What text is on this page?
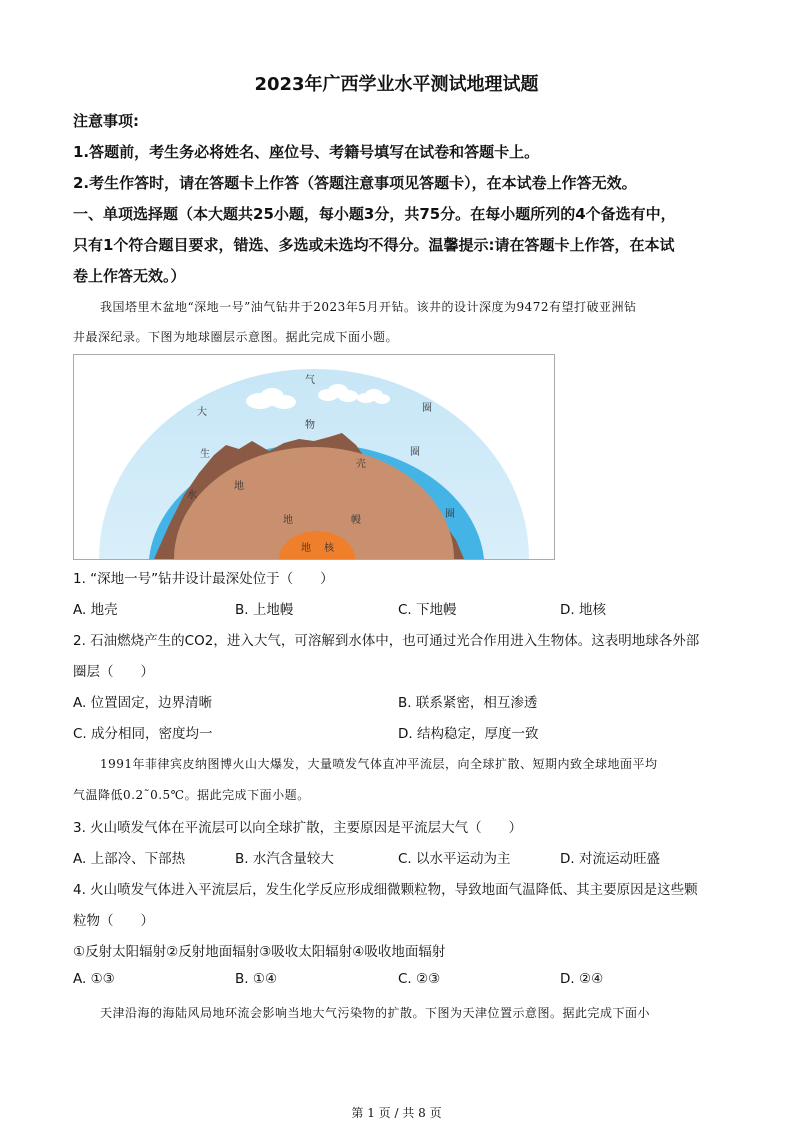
2023年广西学业水平测试地理试题
注意事项:
1.答题前，考生务必将姓名、座位号、考籍号填写在试卷和答题卡上。
2.考生作答时，请在答题卡上作答（答题注意事项见答题卡），在本试卷上作答无效。
一、单项选择题（本大题共25小题，每小题3分，共75分。在每小题所列的4个备选有中，
只有1个符合题目要求，错选、多选或未选均不得分。温馨提示:请在答题卡上作答，在本试
卷上作答无效。）
我国塔里木盆地“深地一号”油气钻井于2023年5月开钻。该井的设计深度为9472有望打破亚洲钻
井最深纪录。下图为地球圈层示意图。据此完成下面小题。
气
大	圈
物
圈
生
壳
水
地
圈
地	幔
地 核
1. “深地一号”钻井设计最深处位于（　　）
A. 地壳	B. 上地幔	C. 下地幔	D. 地核
2. 石油燃烧产生的CO2，进入大气，可溶解到水体中，也可通过光合作用进入生物体。这表明地球各外部
圈层（　　）
A. 位置固定，边界清晰	B. 联系紧密，相互渗透
C. 成分相同，密度均一	D. 结构稳定，厚度一致
1991年菲律宾皮纳图博火山大爆发，大量喷发气体直冲平流层，向全球扩散、短期内致全球地面平均
气温降低0.2˜0.5℃。据此完成下面小题。
3. 火山喷发气体在平流层可以向全球扩散，主要原因是平流层大气（　　）
A. 上部冷、下部热	B. 水汽含量较大	C. 以水平运动为主	D. 对流运动旺盛
4. 火山喷发气体进入平流层后，发生化学反应形成细微颗粒物，导致地面气温降低、其主要原因是这些颗
粒物（　　）
①反射太阳辐射②反射地面辐射③吸收太阳辐射④吸收地面辐射
A. ①③	B. ①④	C. ②③	D. ②④
天津沿海的海陆风局地环流会影响当地大气污染物的扩散。下图为天津位置示意图。据此完成下面小
第 1 页 / 共 8 页
